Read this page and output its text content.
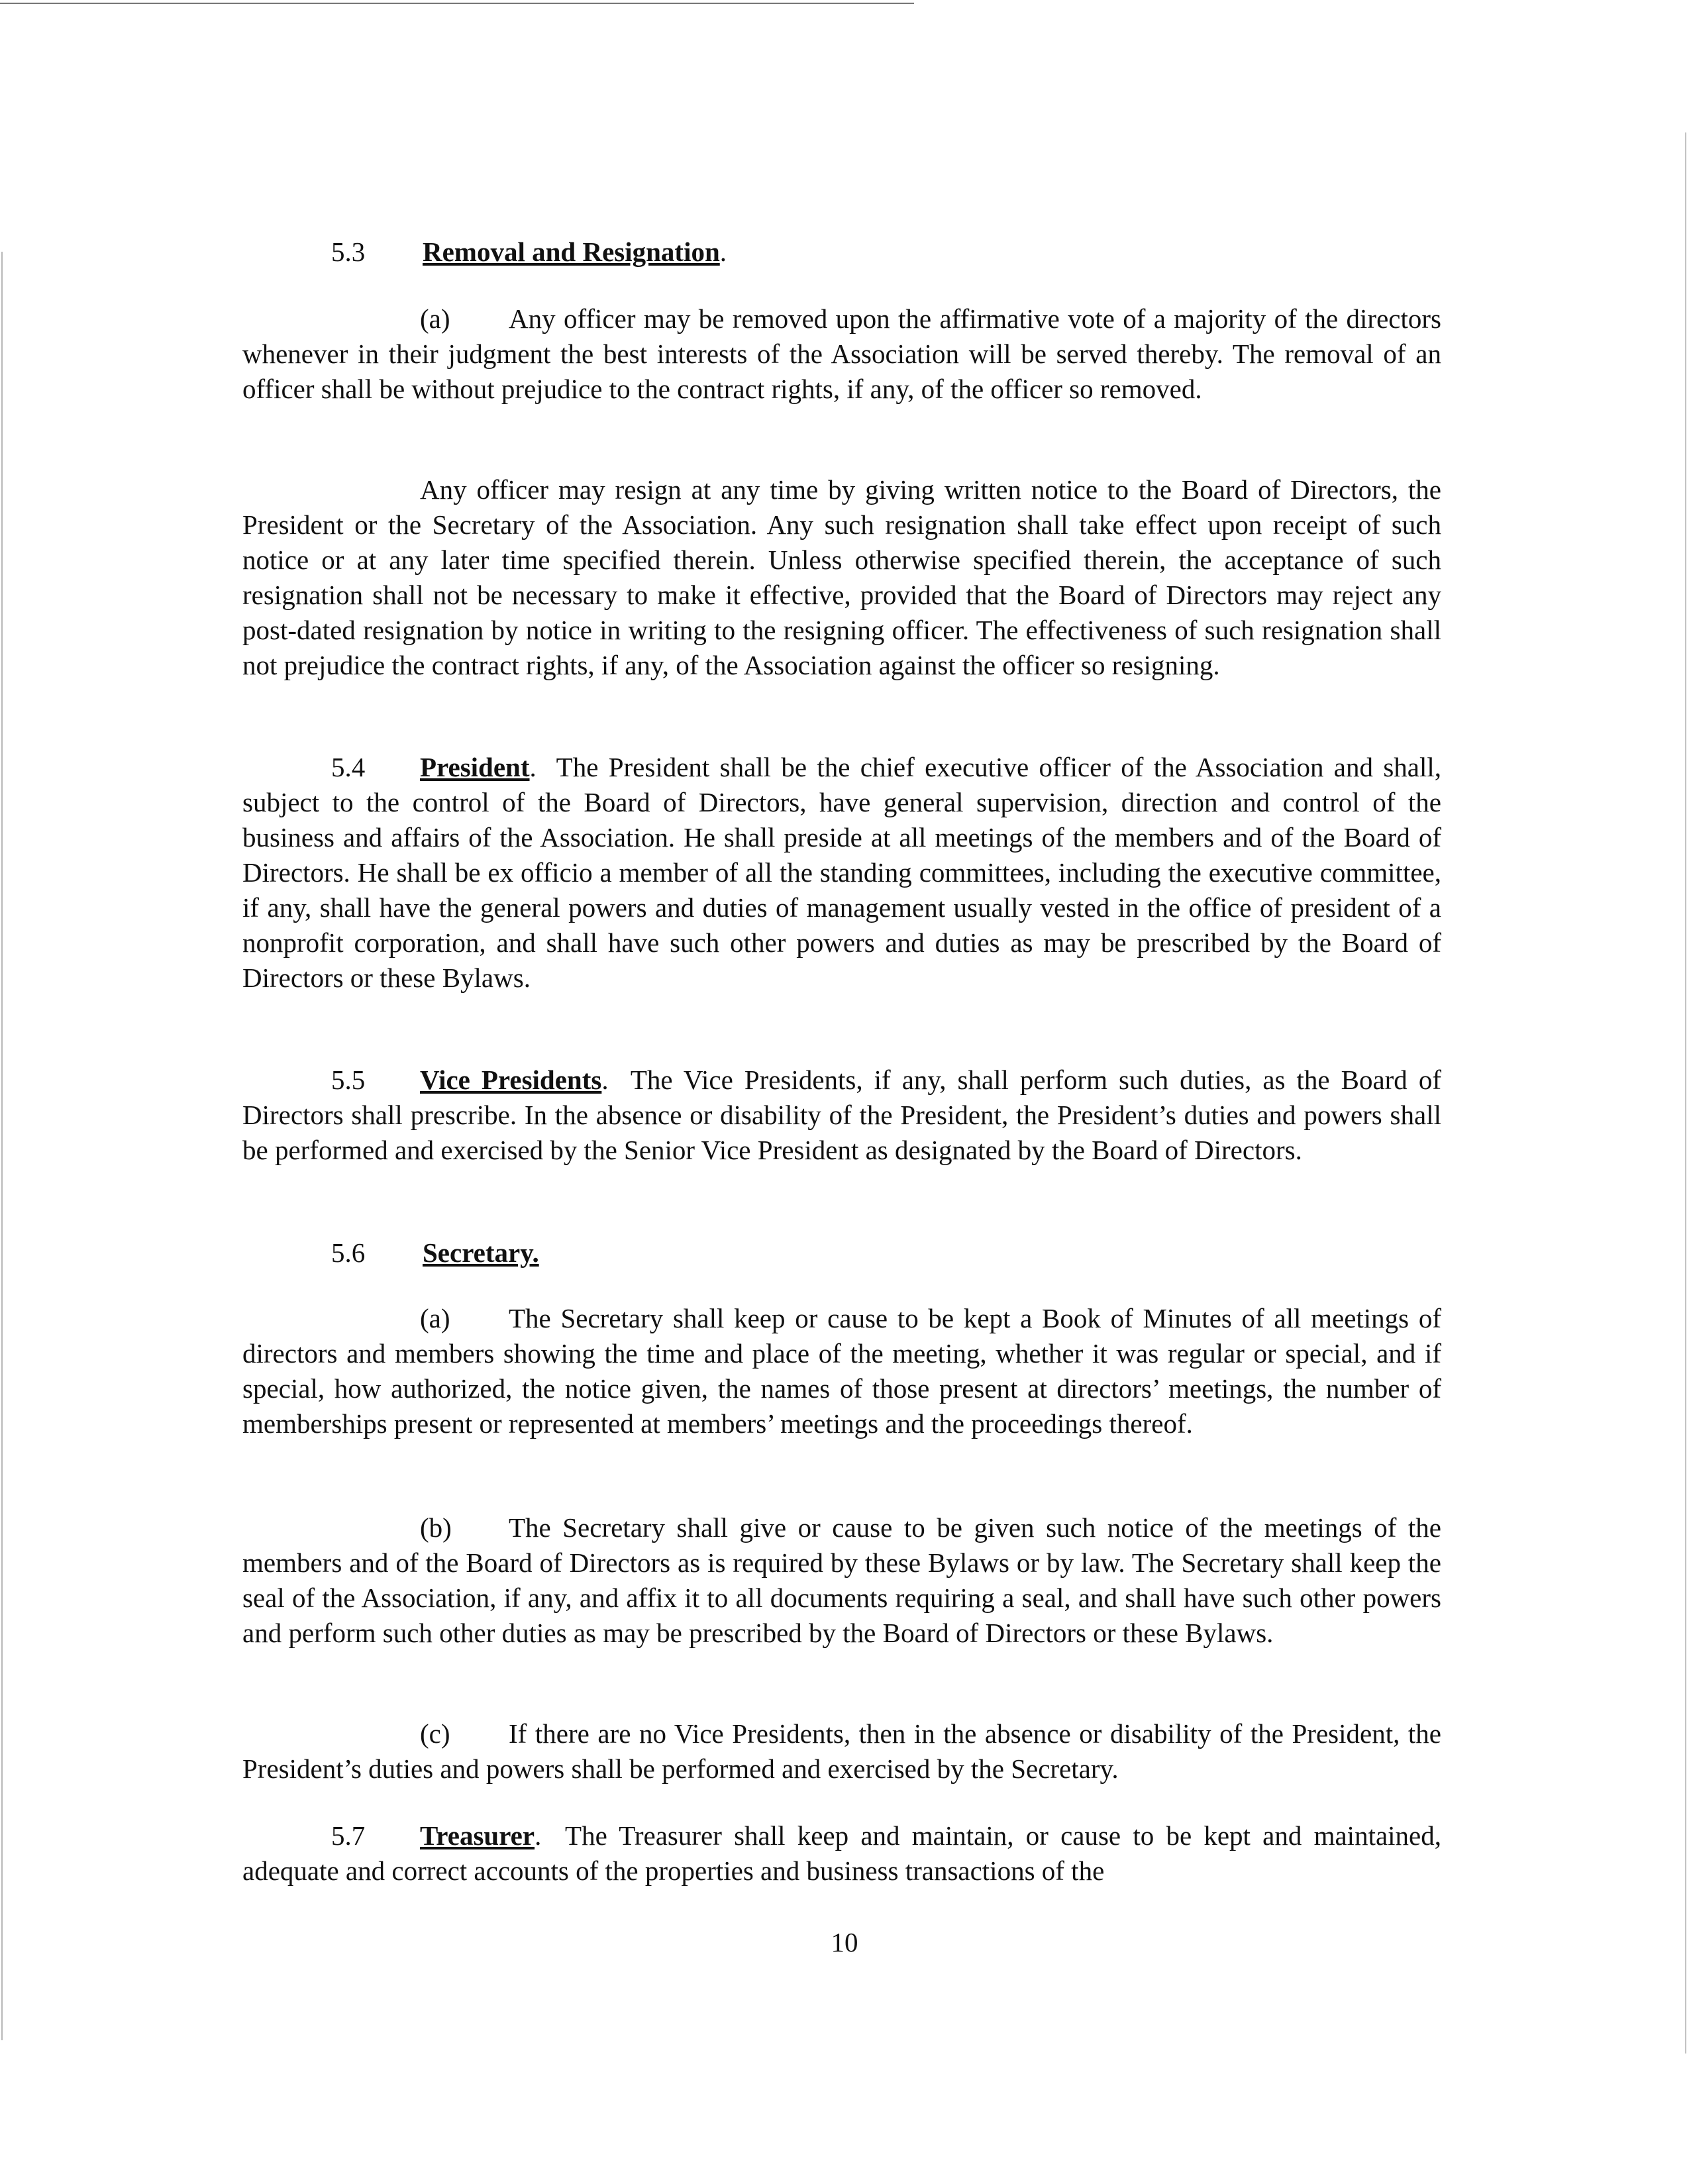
5.3 Removal and Resignation.

(a) Any officer may be removed upon the affirmative vote of a majority of the directors whenever in their judgment the best interests of the Association will be served thereby. The removal of an officer shall be without prejudice to the contract rights, if any, of the officer so removed.

Any officer may resign at any time by giving written notice to the Board of Directors, the President or the Secretary of the Association. Any such resignation shall take effect upon receipt of such notice or at any later time specified therein. Unless otherwise specified therein, the acceptance of such resignation shall not be necessary to make it effective, provided that the Board of Directors may reject any post-dated resignation by notice in writing to the resigning officer. The effectiveness of such resignation shall not prejudice the contract rights, if any, of the Association against the officer so resigning.

5.4 President. The President shall be the chief executive officer of the Association and shall, subject to the control of the Board of Directors, have general supervision, direction and control of the business and affairs of the Association. He shall preside at all meetings of the members and of the Board of Directors. He shall be ex officio a member of all the standing committees, including the executive committee, if any, shall have the general powers and duties of management usually vested in the office of president of a nonprofit corporation, and shall have such other powers and duties as may be prescribed by the Board of Directors or these Bylaws.

5.5 Vice Presidents. The Vice Presidents, if any, shall perform such duties, as the Board of Directors shall prescribe. In the absence or disability of the President, the President’s duties and powers shall be performed and exercised by the Senior Vice President as designated by the Board of Directors.

5.6 Secretary.

(a) The Secretary shall keep or cause to be kept a Book of Minutes of all meetings of directors and members showing the time and place of the meeting, whether it was regular or special, and if special, how authorized, the notice given, the names of those present at directors’ meetings, the number of memberships present or represented at members’ meetings and the proceedings thereof.

(b) The Secretary shall give or cause to be given such notice of the meetings of the members and of the Board of Directors as is required by these Bylaws or by law. The Secretary shall keep the seal of the Association, if any, and affix it to all documents requiring a seal, and shall have such other powers and perform such other duties as may be prescribed by the Board of Directors or these Bylaws.

(c) If there are no Vice Presidents, then in the absence or disability of the President, the President’s duties and powers shall be performed and exercised by the Secretary.

5.7 Treasurer. The Treasurer shall keep and maintain, or cause to be kept and maintained, adequate and correct accounts of the properties and business transactions of the

10
